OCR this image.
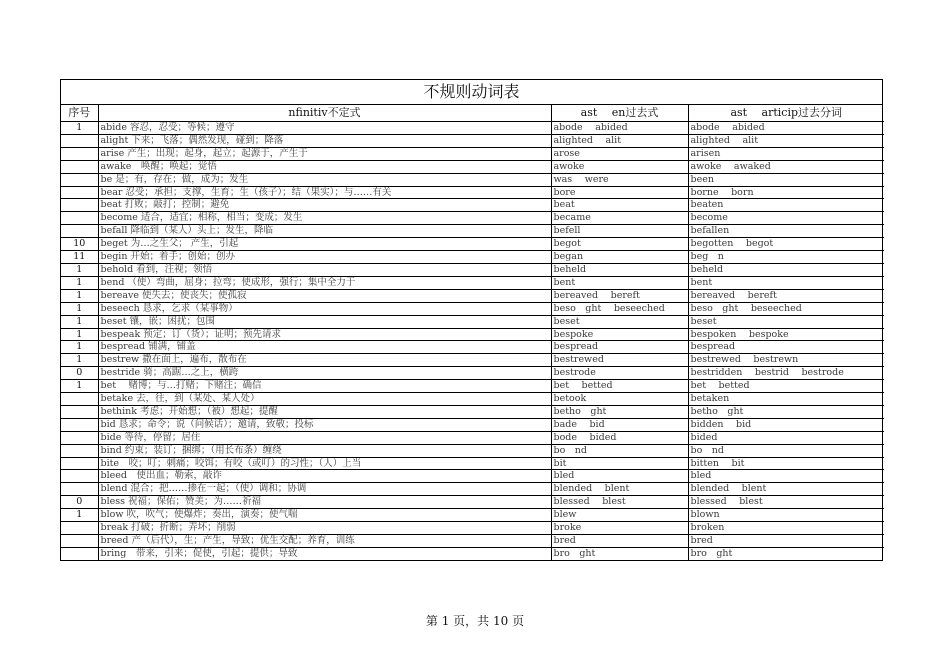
不规则动词表
序号	nfinitiv不定式	ast　 en过去式	ast　 articip过去分词
1	abide 容忍，忍受；等候；遵守	abode　 abided	abode　 abided
	alight 下来；飞落；偶然发现，碰到；降落	alighted　 alit	alighted　 alit
	arise 产生；出现；起身，起立；起源于，产生于	arose	arisen
	awake　唤醒；唤起；觉悟	awoke	awoke　 awaked
	be 是；有，存在；做，成为；发生	was　 were	been
	bear 忍受；承担；支撑，生育；生（孩子）；结（果实）；与……有关	bore	borne　 born
	beat 打败；敲打；控制；避免	beat	beaten
	become 适合，适宜；相称，相当；变成；发生	became	become
	befall 降临到（某人）头上；发生，降临	befell	befallen
10	beget 为…之生父； 产生，引起	begot	begotten　 begot
11	begin 开始；着手；创始；创办	began	beg　n
1	behold 看到，注视；领悟	beheld	beheld
1	bend （使）弯曲，屈身；拉弯；使成形，强行；集中全力于	bent	bent
1	bereave 使失去；使丧失；使孤寂	bereaved　 bereft	bereaved　 bereft
1	beseech 恳求，乞求（某事物）	beso　ght　 beseeched	beso　ght　 beseeched
1	beset 镶，嵌；困扰；包围	beset	beset
1	bespeak 预定；订（货）；证明；预先请求	bespoke	bespoken　 bespoke
1	bespread 铺满，铺盖	bespread	bespread
1	bestrew 撒在面上，遍布，散布在	bestrewed	bestrewed　 bestrewn
0	bestride 骑；高踞…之上，横跨	bestrode	bestridden　 bestrid　 bestrode
1	bet　 赌博；与…打赌；下赌注；确信	bet　 betted	bet　 betted
	betake 去，往，到（某处、某人处）	betook	betaken
	bethink 考虑；开始想；（被）想起；提醒	betho　ght	betho　ght
	bid 恳求；命令；说（问候话）；邀请，致敬；投标	bade　 bid	bidden　 bid
	bide 等待，停留；居住	bode　 bided	bided
	bind 约束；装订；捆绑；（用长布条）缠绕	bo　nd	bo　nd
	bite　咬；叮；刺痛；咬饵；有咬（或叮）的习性；（人）上当	bit	bitten　 bit
	bleed　使出血；勒索，敲诈	bled	bled
	blend 混合；把……掺在一起；（使）调和；协调	blended　 blent	blended　 blent
0	bless 祝福；保佑；赞美；为……祈福	blessed　 blest	blessed　 blest
1	blow 吹，吹气；使爆炸；奏出，演奏；使气喘	blew	blown
	break 打破；折断；弄坏；削弱	broke	broken
	breed 产（后代），生；产生，导致；优生交配；养育，训练	bred	bred
	bring　带来，引来；促使，引起；提供；导致	bro　ght	bro　ght
第 1 页，共 10 页
